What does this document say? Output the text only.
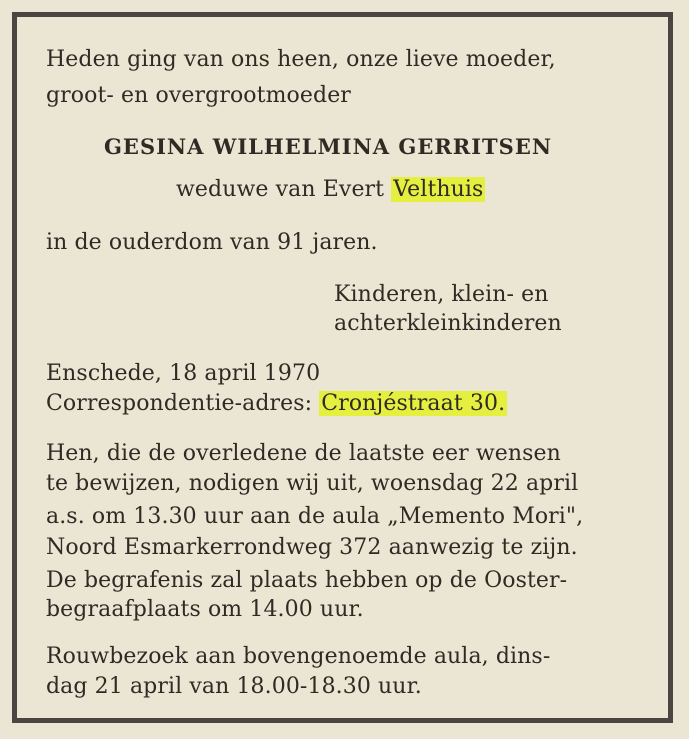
Heden ging van ons heen, onze lieve moeder,
groot- en overgrootmoeder
GESINA WILHELMINA GERRITSEN
weduwe van Evert Velthuis
in de ouderdom van 91 jaren.
Kinderen, klein- en
achterkleinkinderen
Enschede, 18 april 1970
Correspondentie-adres: Cronjéstraat 30.
Hen, die de overledene de laatste eer wensen
te bewijzen, nodigen wij uit, woensdag 22 april
a.s. om 13.30 uur aan de aula „Memento Mori",
Noord Esmarkerrondweg 372 aanwezig te zijn.
De begrafenis zal plaats hebben op de Ooster-
begraafplaats om 14.00 uur.
Rouwbezoek aan bovengenoemde aula, dins-
dag 21 april van 18.00-18.30 uur.
